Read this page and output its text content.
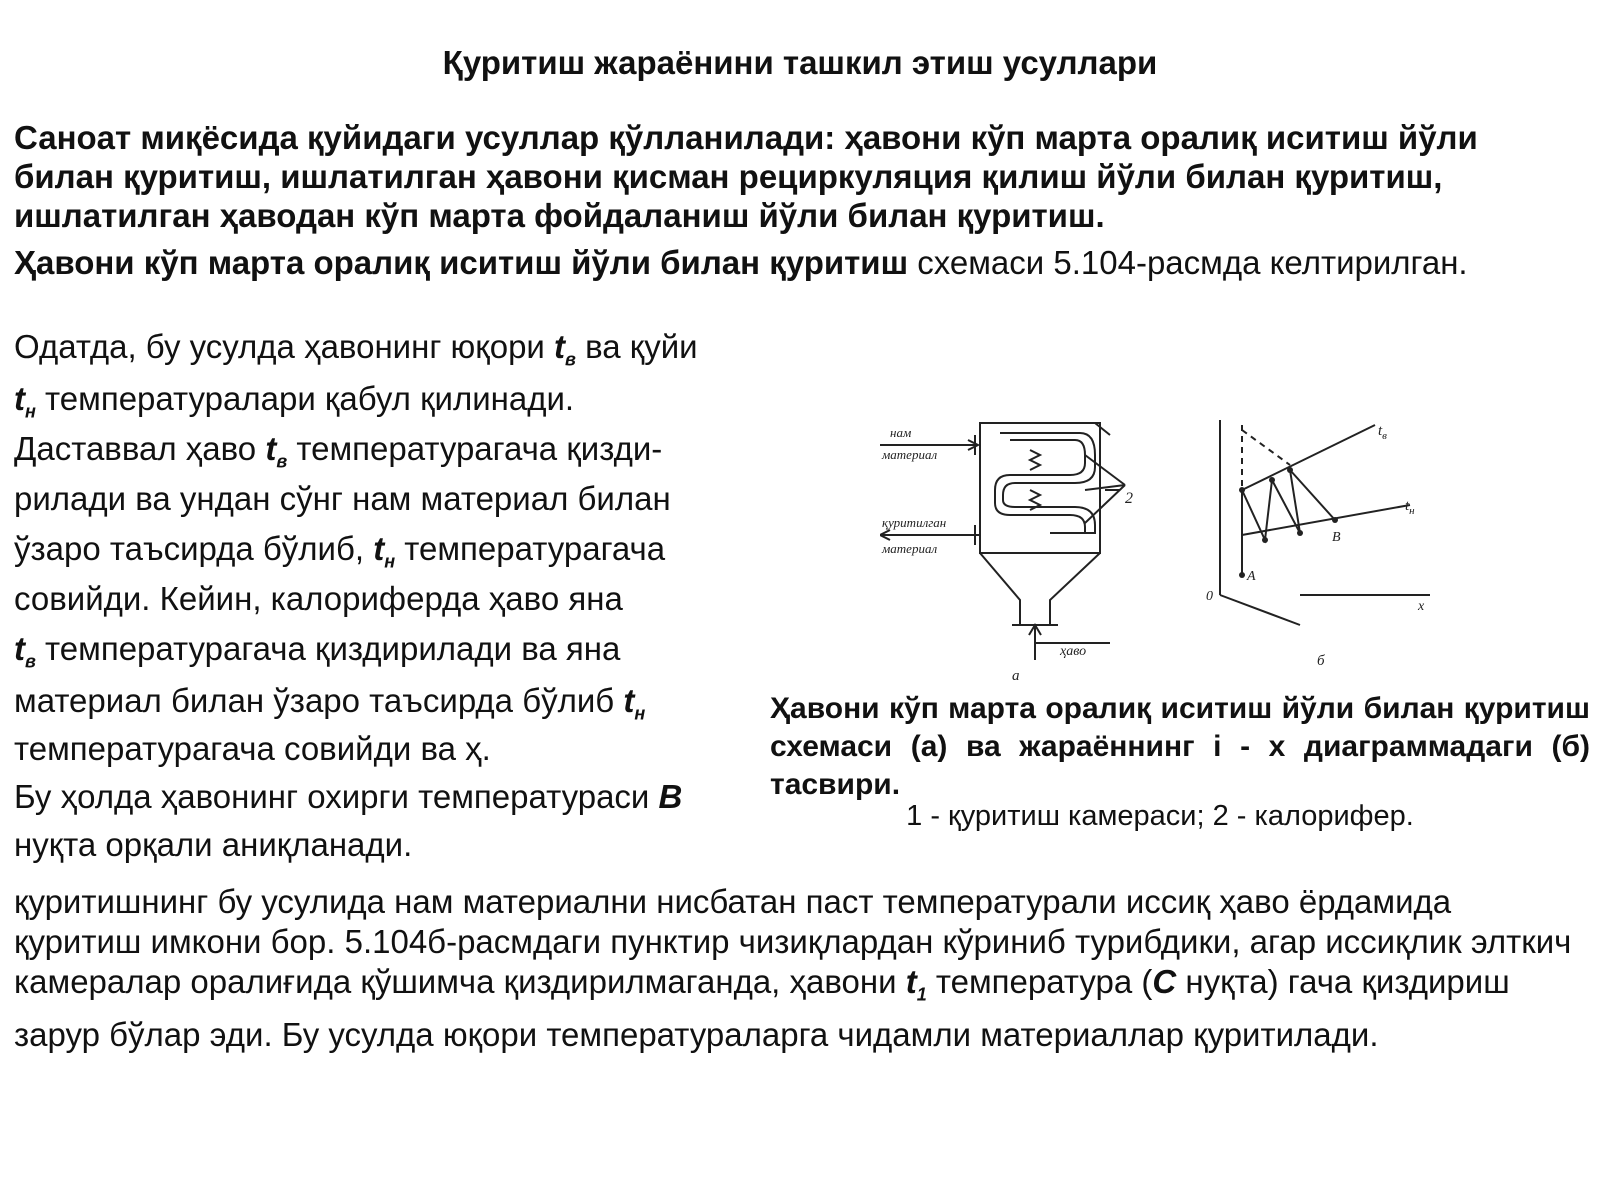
Қуритиш жараёнини ташкил этиш усуллари
Саноат миқёсида қуйидаги усуллар қўлланилади: ҳавони кўп марта оралиқ иситиш йўли билан қуритиш, ишлатилган ҳавони қисман рециркуляция қилиш йўли билан қуритиш, ишлатилган ҳаводан кўп марта фойдаланиш йўли билан қуритиш.
Ҳавони кўп марта оралиқ иситиш йўли билан қуритиш схемаси 5.104-расмда келтирилган.
Одатда, бу усулда ҳавонинг юқори $t_в$ ва қуйи
$t_н$ температуралари қабул қилинади.
Даставвал ҳаво $t_в$ температурагача қизди-
рилади ва ундан сўнг нам материал билан
ўзаро таъсирда бўлиб, $t_н$ температурагача
совийди. Кейин, калориферда ҳаво яна
$t_в$ температурагача қиздирилади ва яна
материал билан ўзаро таъсирда бўлиб $t_н$
температурагача совийди ва ҳ.
Бу ҳолда ҳавонинг охирги температураси B
нуқта орқали аниқланади.
нам
материал
қуритилган
материал
ҳаво
2
а
$t_в$
$t_н$
A
B
0
x
б
Ҳавони кўп марта оралиқ иситиш йўли билан қуритиш схемаси (а) ва жараённинг i - x диаграммадаги (б) тасвири.
1 - қуритиш камераси; 2 - калорифер.
қуритишнинг бу усулида нам материални нисбатан паст температурали иссиқ ҳаво ёрдамида қуритиш имкони бор. 5.104б-расмдаги пунктир чизиқлардан кўриниб турибдики, агар иссиқлик элткич камералар оралиғида қўшимча қиздирилмаганда, ҳавони $t_1$ температура (C нуқта) гача қиздириш зарур бўлар эди. Бу усулда юқори температураларга чидамли материаллар қуритилади.
